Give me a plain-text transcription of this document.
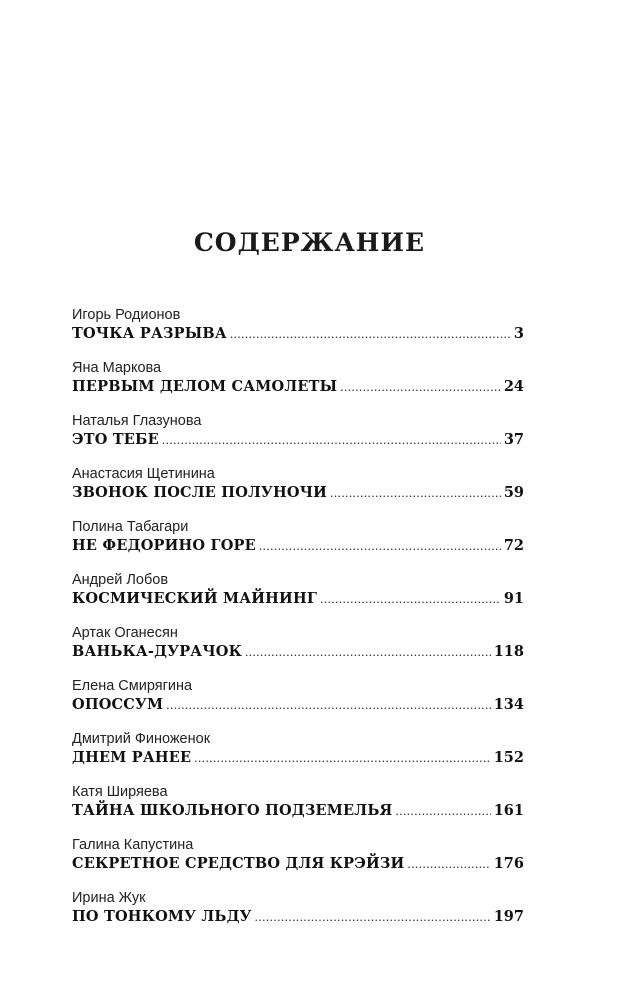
СОДЕРЖАНИЕ
Игорь Родионов
ТОЧКА РАЗРЫВА .....	3
Яна Маркова
ПЕРВЫМ ДЕЛОМ САМОЛЕТЫ .....	24
Наталья Глазунова
ЭТО ТЕБЕ .....	37
Анастасия Щетинина
ЗВОНОК ПОСЛЕ ПОЛУНОЧИ .....	59
Полина Табагари
НЕ ФЕДОРИНО ГОРЕ .....	72
Андрей Лобов
КОСМИЧЕСКИЙ МАЙНИНГ .....	91
Артак Оганесян
ВАНЬКА-ДУРАЧОК .....	118
Елена Смирягина
ОПОССУМ .....	134
Дмитрий Финоженок
ДНЕМ РАНЕЕ .....	152
Катя Ширяева
ТАЙНА ШКОЛЬНОГО ПОДЗЕМЕЛЬЯ .....	161
Галина Капустина
СЕКРЕТНОЕ СРЕДСТВО ДЛЯ КРЭЙЗИ .....	176
Ирина Жук
ПО ТОНКОМУ ЛЬДУ .....	197
